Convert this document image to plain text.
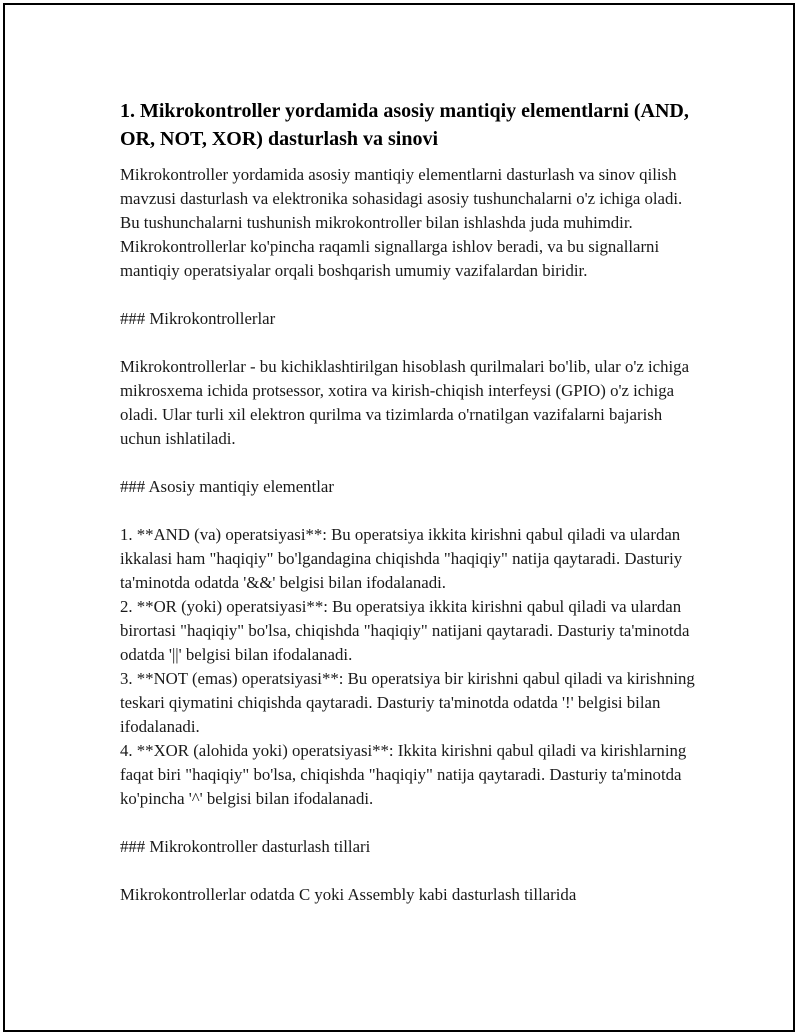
1. Mikrokontroller yordamida asosiy mantiqiy elementlarni (AND, OR, NOT, XOR) dasturlash va sinovi

Mikrokontroller yordamida asosiy mantiqiy elementlarni dasturlash va sinov qilish mavzusi dasturlash va elektronika sohasidagi asosiy tushunchalarni o'z ichiga oladi. Bu tushunchalarni tushunish mikrokontroller bilan ishlashda juda muhimdir. Mikrokontrollerlar ko'pincha raqamli signallarga ishlov beradi, va bu signallarni mantiqiy operatsiyalar orqali boshqarish umumiy vazifalardan biridir.

### Mikrokontrollerlar

Mikrokontrollerlar - bu kichiklashtirilgan hisoblash qurilmalari bo'lib, ular o'z ichiga mikrosxema ichida protsessor, xotira va kirish-chiqish interfeysi (GPIO) o'z ichiga oladi. Ular turli xil elektron qurilma va tizimlarda o'rnatilgan vazifalarni bajarish uchun ishlatiladi.

### Asosiy mantiqiy elementlar

1. **AND (va) operatsiyasi**: Bu operatsiya ikkita kirishni qabul qiladi va ulardan ikkalasi ham "haqiqiy" bo'lgandagina chiqishda "haqiqiy" natija qaytaradi. Dasturiy ta'minotda odatda '&&' belgisi bilan ifodalanadi.
2. **OR (yoki) operatsiyasi**: Bu operatsiya ikkita kirishni qabul qiladi va ulardan birortasi "haqiqiy" bo'lsa, chiqishda "haqiqiy" natijani qaytaradi. Dasturiy ta'minotda odatda '||' belgisi bilan ifodalanadi.
3. **NOT (emas) operatsiyasi**: Bu operatsiya bir kirishni qabul qiladi va kirishning teskari qiymatini chiqishda qaytaradi. Dasturiy ta'minotda odatda '!' belgisi bilan ifodalanadi.
4. **XOR (alohida yoki) operatsiyasi**: Ikkita kirishni qabul qiladi va kirishlarning faqat biri "haqiqiy" bo'lsa, chiqishda "haqiqiy" natija qaytaradi. Dasturiy ta'minotda ko'pincha '^' belgisi bilan ifodalanadi.

### Mikrokontroller dasturlash tillari

Mikrokontrollerlar odatda C yoki Assembly kabi dasturlash tillarida
